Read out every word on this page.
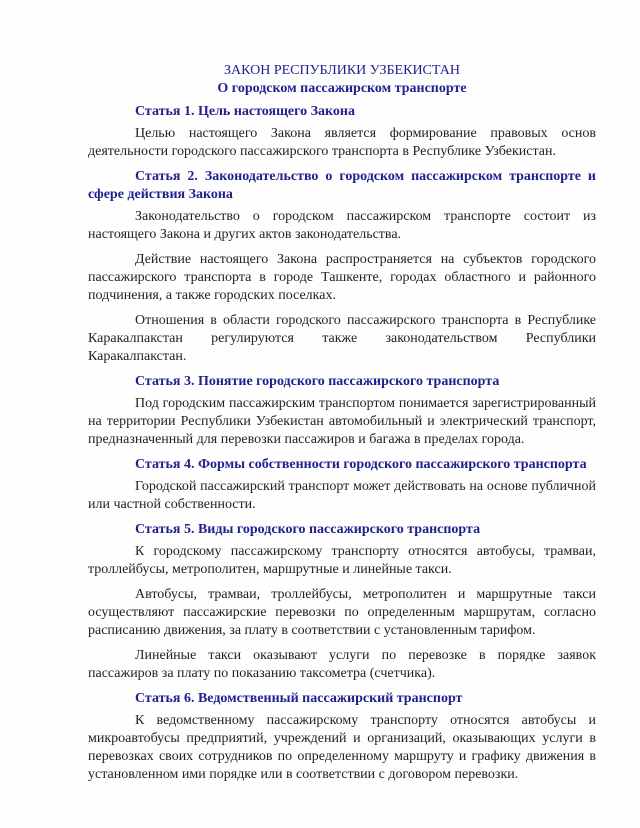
ЗАКОН РЕСПУБЛИКИ УЗБЕКИСТАН
О городском пассажирском транспорте
Статья 1. Цель настоящего Закона

Целью настоящего Закона является формирование правовых основ деятельности городского пассажирского транспорта в Республике Узбекистан.

Статья 2. Законодательство о городском пассажирском транспорте и сфере действия Закона

Законодательство о городском пассажирском транспорте состоит из настоящего Закона и других актов законодательства.

Действие настоящего Закона распространяется на субъектов городского пассажирского транспорта в городе Ташкенте, городах областного и районного подчинения, а также городских поселках.

Отношения в области городского пассажирского транспорта в Республике Каракалпакстан регулируются также законодательством Республики Каракалпакстан.

Статья 3. Понятие городского пассажирского транспорта

Под городским пассажирским транспортом понимается зарегистрированный на территории Республики Узбекистан автомобильный и электрический транспорт, предназначенный для перевозки пассажиров и багажа в пределах города.

Статья 4. Формы собственности городского пассажирского транспорта

Городской пассажирский транспорт может действовать на основе публичной или частной собственности.

Статья 5. Виды городского пассажирского транспорта

К городскому пассажирскому транспорту относятся автобусы, трамваи, троллейбусы, метрополитен, маршрутные и линейные такси.

Автобусы, трамваи, троллейбусы, метрополитен и маршрутные такси осуществляют пассажирские перевозки по определенным маршрутам, согласно расписанию движения, за плату в соответствии с установленным тарифом.

Линейные такси оказывают услуги по перевозке в порядке заявок пассажиров за плату по показанию таксометра (счетчика).

Статья 6. Ведомственный пассажирский транспорт

К ведомственному пассажирскому транспорту относятся автобусы и микроавтобусы предприятий, учреждений и организаций, оказывающих услуги в перевозках своих сотрудников по определенному маршруту и графику движения в установленном ими порядке или в соответствии с договором перевозки.
